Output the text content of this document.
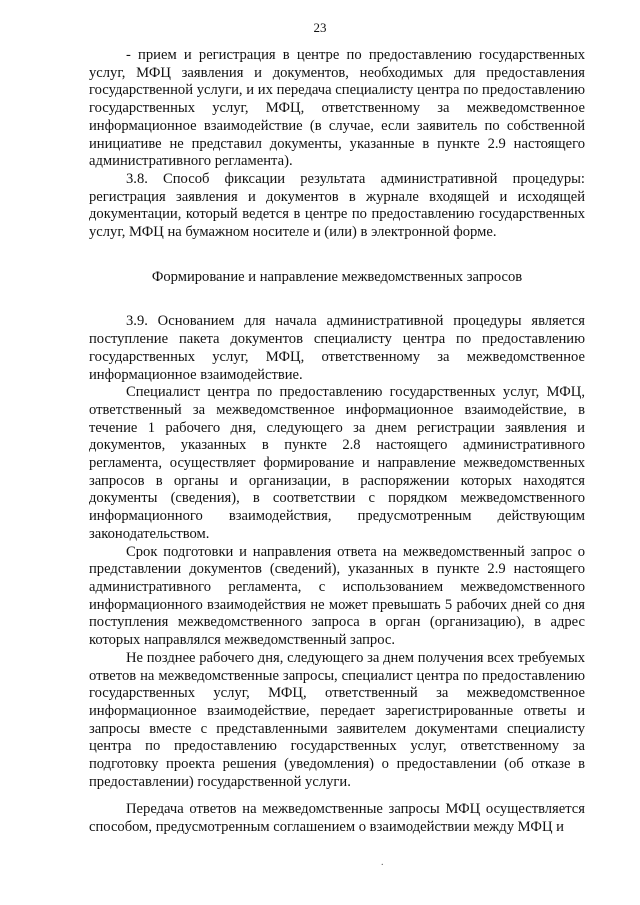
23

- прием и регистрация в центре по предоставлению государственных услуг, МФЦ заявления и документов, необходимых для предоставления государственной услуги, и их передача специалисту центра по предоставлению государственных услуг, МФЦ, ответственному за межведомственное информационное взаимодействие (в случае, если заявитель по собственной инициативе не представил документы, указанные в пункте 2.9 настоящего административного регламента).

3.8. Способ фиксации результата административной процедуры: регистрация заявления и документов в журнале входящей и исходящей документации, который ведется в центре по предоставлению государственных услуг, МФЦ на бумажном носителе и (или) в электронной форме.

Формирование и направление межведомственных запросов

3.9. Основанием для начала административной процедуры является поступление пакета документов специалисту центра по предоставлению государственных услуг, МФЦ, ответственному за межведомственное информационное взаимодействие.

Специалист центра по предоставлению государственных услуг, МФЦ, ответственный за межведомственное информационное взаимодействие, в течение 1 рабочего дня, следующего за днем регистрации заявления и документов, указанных в пункте 2.8 настоящего административного регламента, осуществляет формирование и направление межведомственных запросов в органы и организации, в распоряжении которых находятся документы (сведения), в соответствии с порядком межведомственного информационного взаимодействия, предусмотренным действующим законодательством.

Срок подготовки и направления ответа на межведомственный запрос о представлении документов (сведений), указанных в пункте 2.9 настоящего административного регламента, с использованием межведомственного информационного взаимодействия не может превышать 5 рабочих дней со дня поступления межведомственного запроса в орган (организацию), в адрес которых направлялся межведомственный запрос.

Не позднее рабочего дня, следующего за днем получения всех требуемых ответов на межведомственные запросы, специалист центра по предоставлению государственных услуг, МФЦ, ответственный за межведомственное информационное взаимодействие, передает зарегистрированные ответы и запросы вместе с представленными заявителем документами специалисту центра по предоставлению государственных услуг, ответственному за подготовку проекта решения (уведомления) о предоставлении (об отказе в предоставлении) государственной услуги.

Передача ответов на межведомственные запросы МФЦ осуществляется способом, предусмотренным соглашением о взаимодействии между МФЦ и

.
